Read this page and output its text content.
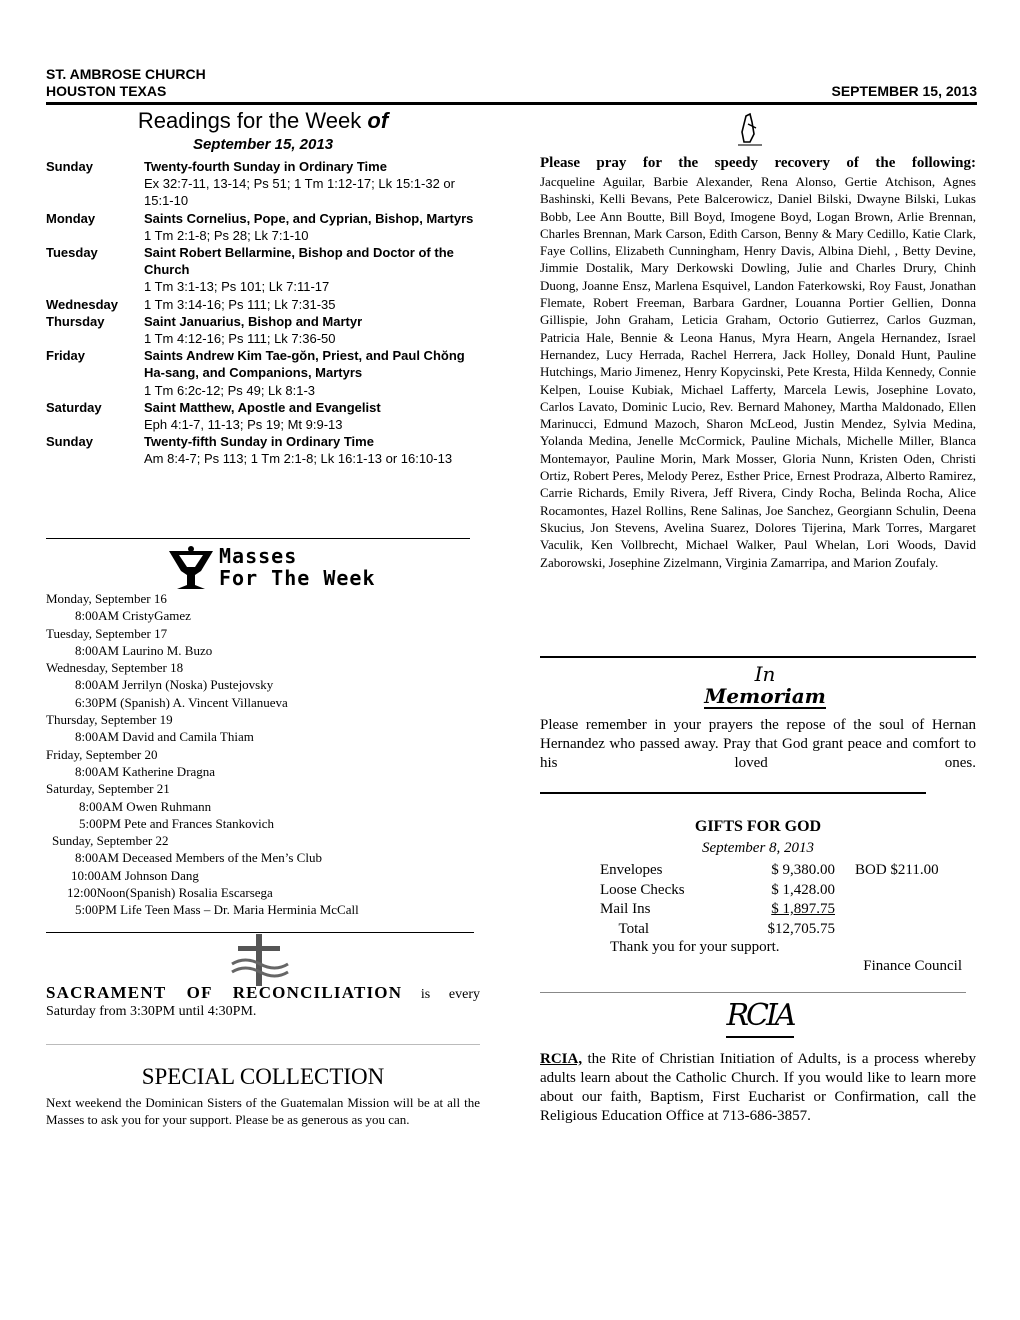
ST. AMBROSE CHURCH
HOUSTON TEXAS	SEPTEMBER 15, 2013
Readings for the Week of
September 15, 2013
Sunday	Twenty-fourth Sunday in Ordinary Time
Ex 32:7-11, 13-14; Ps 51; 1 Tm 1:12-17; Lk 15:1-32 or 15:1-10
Monday	Saints Cornelius, Pope, and Cyprian, Bishop, Martyrs
1 Tm 2:1-8; Ps 28; Lk 7:1-10
Tuesday	Saint Robert Bellarmine, Bishop and Doctor of the Church
1 Tm 3:1-13; Ps 101; Lk 7:11-17
Wednesday	1 Tm 3:14-16; Ps 111; Lk 7:31-35
Thursday	Saint Januarius, Bishop and Martyr
1 Tm 4:12-16; Ps 111; Lk 7:36-50
Friday	Saints Andrew Kim Tae-gŏn, Priest, and Paul Chŏng Ha-sang, and Companions, Martyrs
1 Tm 6:2c-12; Ps 49; Lk 8:1-3
Saturday	Saint Matthew, Apostle and Evangelist
Eph 4:1-7, 11-13; Ps 19; Mt 9:9-13
Sunday	Twenty-fifth Sunday in Ordinary Time
Am 8:4-7; Ps 113; 1 Tm 2:1-8; Lk 16:1-13 or 16:10-13
Masses
For The Week
Monday, September 16
8:00AM CristyGamez
Tuesday, September 17
8:00AM Laurino M. Buzo
Wednesday, September 18
8:00AM Jerrilyn (Noska) Pustejovsky
6:30PM (Spanish) A. Vincent Villanueva
Thursday, September 19
8:00AM David and Camila Thiam
Friday, September 20
8:00AM Katherine Dragna
Saturday, September 21
8:00AM Owen Ruhmann
5:00PM Pete and Frances Stankovich
Sunday, September 22
8:00AM Deceased Members of the Men’s Club
10:00AM Johnson Dang
12:00Noon(Spanish) Rosalia Escarsega
5:00PM Life Teen Mass – Dr. Maria Herminia McCall
SACRAMENT OF RECONCILIATION is every
Saturday from 3:30PM until 4:30PM.
SPECIAL COLLECTION
Next weekend the Dominican Sisters of the Guatemalan Mission will be at all the Masses to ask you for your support. Please be as generous as you can.
Please pray for the speedy recovery of the following:
Jacqueline Aguilar, Barbie Alexander, Rena Alonso, Gertie Atchison, Agnes Bashinski, Kelli Bevans, Pete Balcerowicz, Daniel Bilski, Dwayne Bilski, Lukas Bobb, Lee Ann Boutte, Bill Boyd, Imogene Boyd, Logan Brown, Arlie Brennan, Charles Brennan, Mark Carson, Edith Carson, Benny & Mary Cedillo, Katie Clark, Faye Collins, Elizabeth Cunningham, Henry Davis, Albina Diehl, , Betty Devine, Jimmie Dostalik, Mary Derkowski Dowling, Julie and Charles Drury, Chinh Duong, Joanne Ensz, Marlena Esquivel, Landon Faterkowski, Roy Faust, Jonathan Flemate, Robert Freeman, Barbara Gardner, Louanna Portier Gellien, Donna Gillispie, John Graham, Leticia Graham, Octorio Gutierrez, Carlos Guzman, Patricia Hale, Bennie & Leona Hanus, Myra Hearn, Angela Hernandez, Israel Hernandez, Lucy Herrada, Rachel Herrera, Jack Holley, Donald Hunt, Pauline Hutchings, Mario Jimenez, Henry Kopycinski, Pete Kresta, Hilda Kennedy, Connie Kelpen, Louise Kubiak, Michael Lafferty, Marcela Lewis, Josephine Lovato, Carlos Lavato, Dominic Lucio, Rev. Bernard Mahoney, Martha Maldonado, Ellen Marinucci, Edmund Mazoch, Sharon McLeod, Justin Mendez, Sylvia Medina, Yolanda Medina, Jenelle McCormick, Pauline Michals, Michelle Miller, Blanca Montemayor, Pauline Morin, Mark Mosser, Gloria Nunn, Kristen Oden, Christi Ortiz, Robert Peres, Melody Perez, Esther Price, Ernest Prodraza, Alberto Ramirez, Carrie Richards, Emily Rivera, Jeff Rivera, Cindy Rocha, Belinda Rocha, Alice Rocamontes, Hazel Rollins, Rene Salinas, Joe Sanchez, Georgiann Schulin, Deena Skucius, Jon Stevens, Avelina Suarez, Dolores Tijerina, Mark Torres, Margaret Vaculik, Ken Vollbrecht, Michael Walker, Paul Whelan, Lori Woods, David Zaborowski, Josephine Zizelmann, Virginia Zamarripa, and Marion Zoufaly.
In
Memoriam
Please remember in your prayers the repose of the soul of Hernan Hernandez who passed away. Pray that God grant peace and comfort to his loved ones.
GIFTS FOR GOD
September 8, 2013
Envelopes	$ 9,380.00 BOD $211.00
Loose Checks	$ 1,428.00
Mail Ins	$ 1,897.75
Total	$12,705.75
Thank you for your support.
Finance Council
RCIA
RCIA, the Rite of Christian Initiation of Adults, is a process whereby adults learn about the Catholic Church. If you would like to learn more about our faith, Baptism, First Eucharist or Confirmation, call the Religious Education Office at 713-686-3857.
